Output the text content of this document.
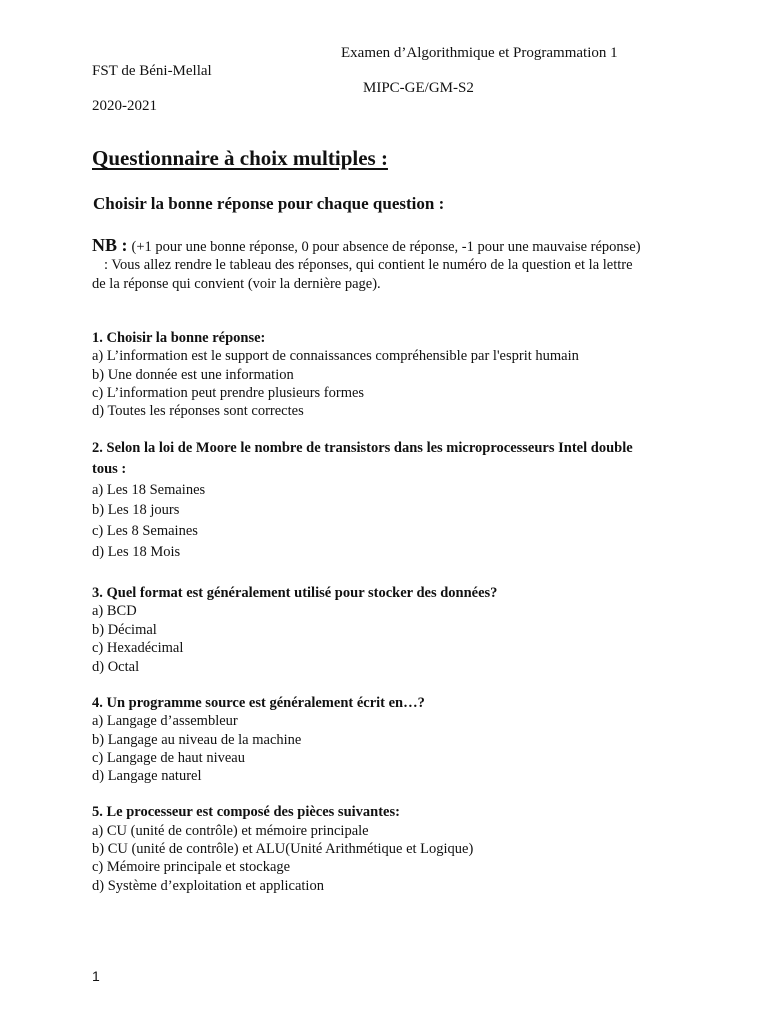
Examen d’Algorithmique et Programmation 1
FST de Béni-Mellal
MIPC-GE/GM-S2
2020-2021
Questionnaire à choix multiples :
Choisir la bonne réponse pour chaque question :
NB : (+1 pour une bonne réponse, 0 pour absence de réponse, -1 pour une mauvaise réponse)
: Vous allez rendre le tableau des réponses, qui contient le numéro de la question et la lettre
de la réponse qui convient (voir la dernière page).
1. Choisir la bonne réponse:
a) L’information est le support de connaissances compréhensible par l'esprit humain
b) Une donnée est une information
c) L’information peut prendre plusieurs formes
d) Toutes les réponses sont correctes
2. Selon la loi de Moore le nombre de transistors dans les microprocesseurs Intel double
tous :
a) Les 18 Semaines
b) Les 18 jours
c) Les 8 Semaines
d) Les 18 Mois
3. Quel format est généralement utilisé pour stocker des données?
a) BCD
b) Décimal
c) Hexadécimal
d) Octal
4. Un programme source est généralement écrit en…?
a) Langage d’assembleur
b) Langage au niveau de la machine
c) Langage de haut niveau
d) Langage naturel
5. Le processeur est composé des pièces suivantes:
a) CU (unité de contrôle) et mémoire principale
b) CU (unité de contrôle) et ALU(Unité Arithmétique et Logique)
c) Mémoire principale et stockage
d) Système d’exploitation et application
1
